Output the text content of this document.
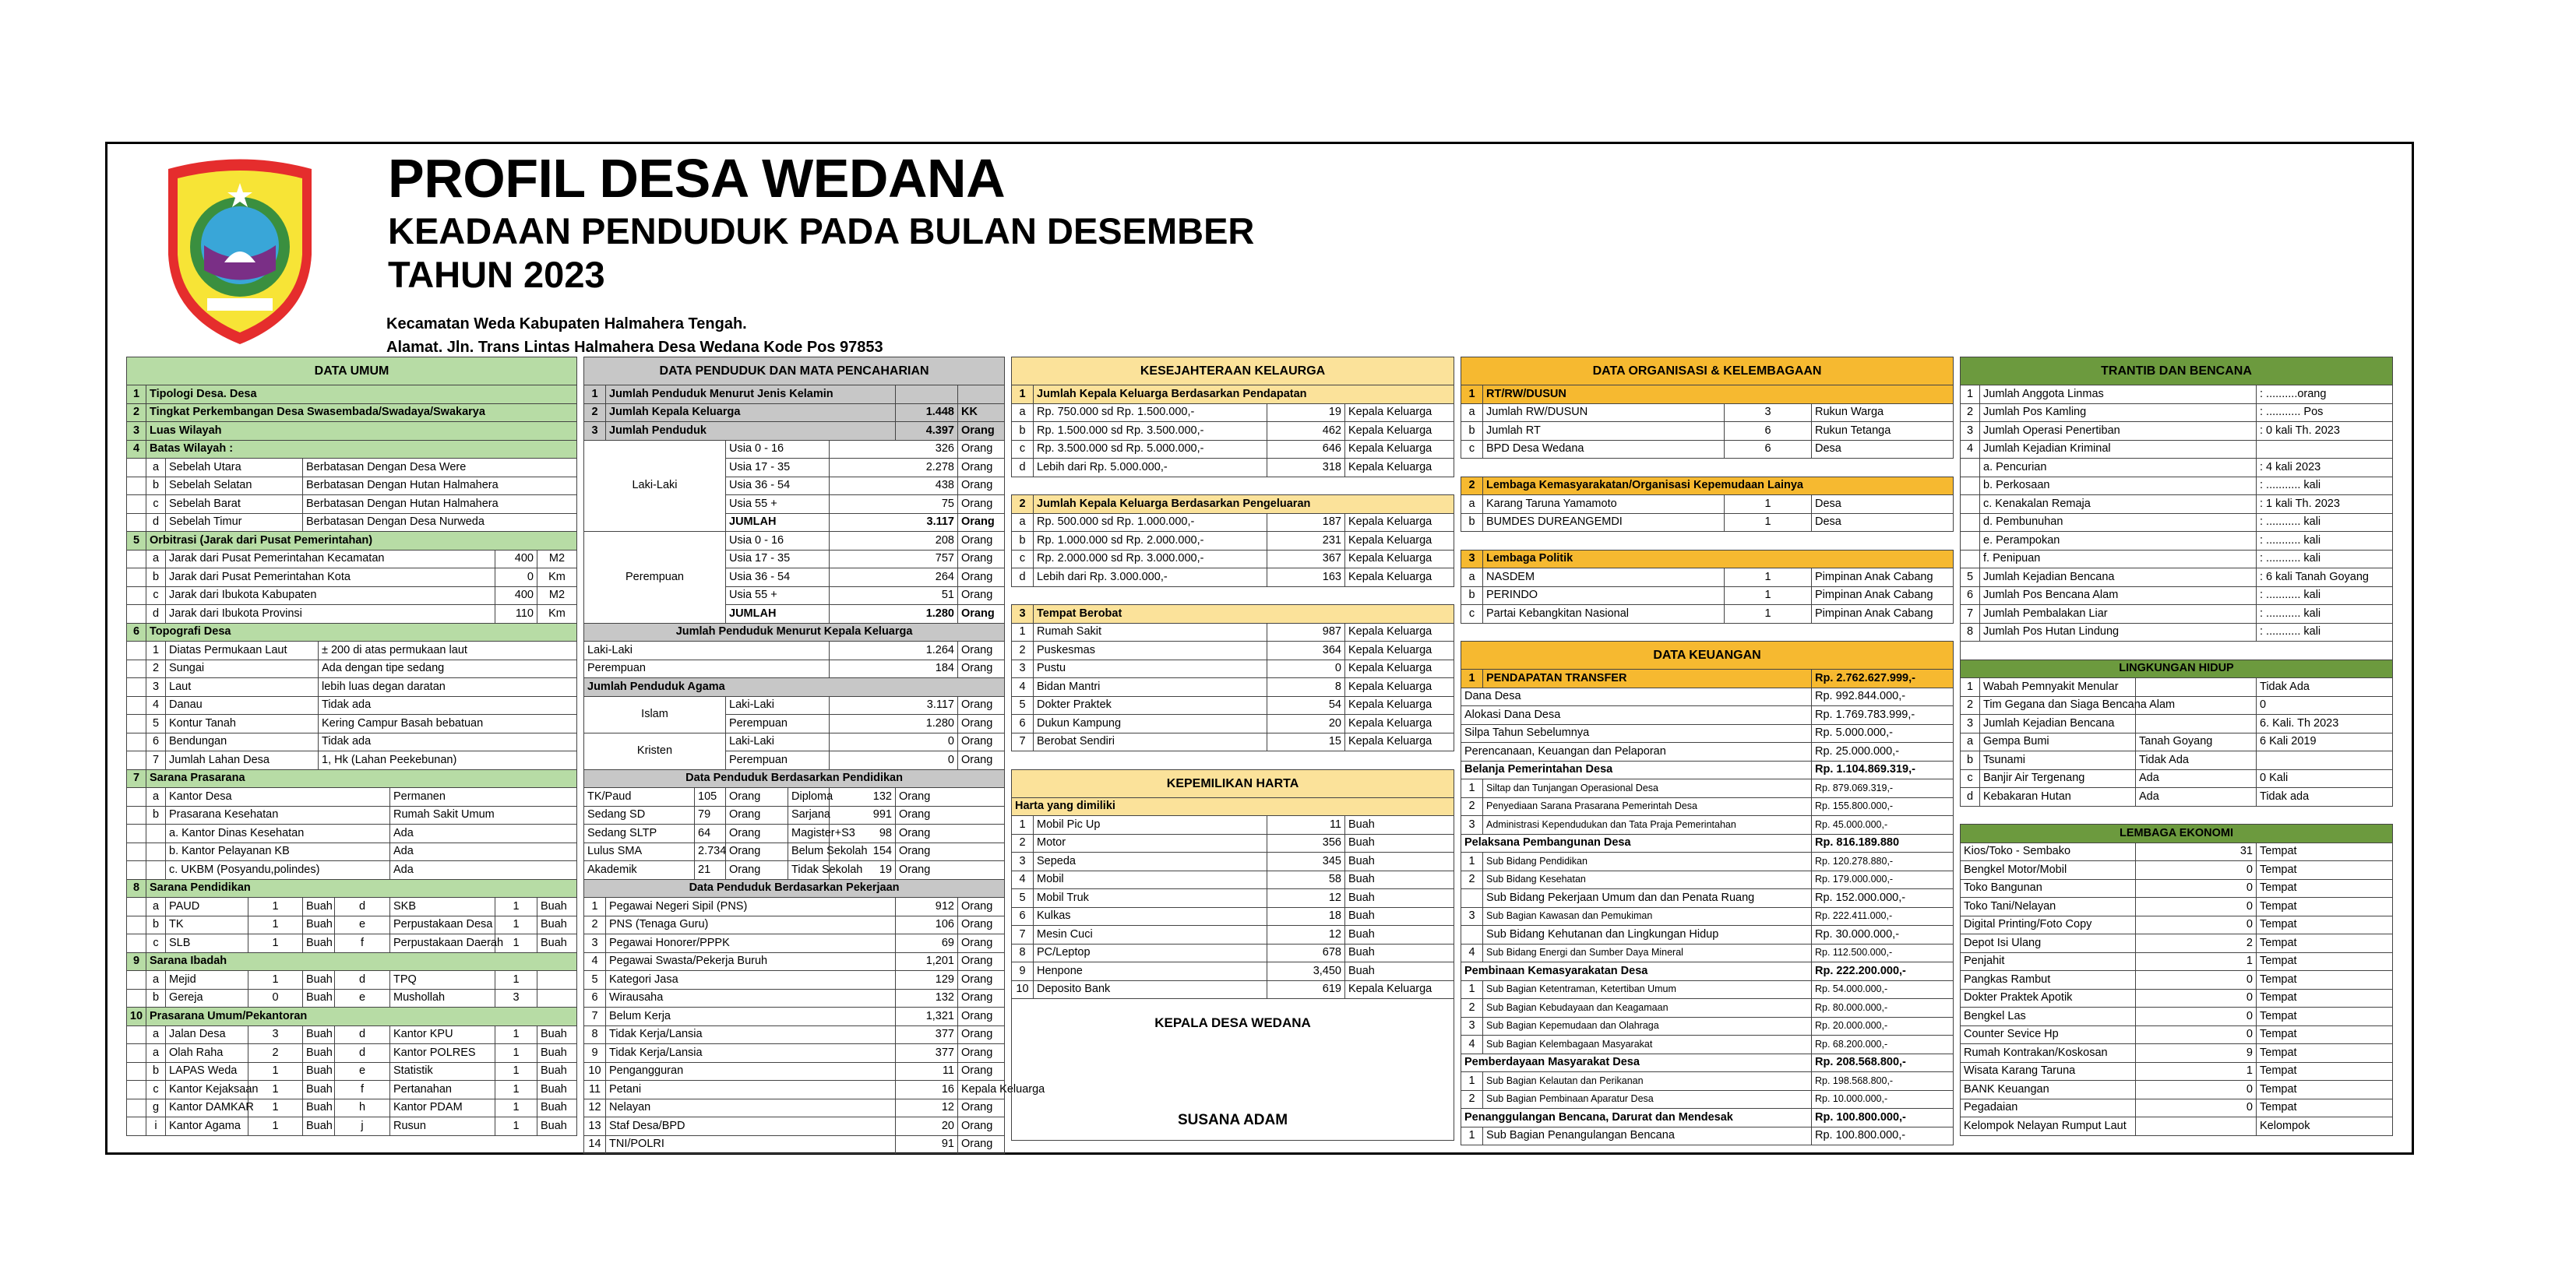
PROFIL DESA WEDANA
KEADAAN PENDUDUK PADA BULAN DESEMBER
TAHUN 2023
Kecamatan Weda Kabupaten Halmahera Tengah.
Alamat. Jln. Trans Lintas Halmahera Desa Wedana Kode Pos 97853
DATA UMUM									
1	Tipologi Desa. Desa								
2	Tingkat Perkembangan Desa Swasembada/Swadaya/Swakarya								
3	Luas Wilayah								
4	Batas Wilayah :								
	a	Sebelah Utara		Berbatasan Dengan Desa Were					
	b	Sebelah Selatan		Berbatasan Dengan Hutan Halmahera					
	c	Sebelah Barat		Berbatasan Dengan Hutan Halmahera					
	d	Sebelah Timur		Berbatasan Dengan Desa Nurweda					
5	Orbitrasi (Jarak dari Pusat Pemerintahan)								
	a	Jarak dari Pusat Pemerintahan Kecamatan						400	M2
	b	Jarak dari Pusat Pemerintahan Kota						0	Km
	c	Jarak dari Ibukota Kabupaten						400	M2
	d	Jarak dari Ibukota Provinsi						110	Km
6	Topografi Desa								
	1	Diatas Permukaan Laut			± 200 di atas permukaan laut				
	2	Sungai			Ada dengan tipe sedang				
	3	Laut			lebih luas degan daratan				
	4	Danau			Tidak ada				
	5	Kontur Tanah			Kering Campur Basah bebatuan				
	6	Bendungan			Tidak ada				
	7	Jumlah Lahan Desa			1, Hk (Lahan Peekebunan)				
7	Sarana Prasarana								
	a	Kantor Desa					Permanen		
	b	Prasarana Kesehatan					Rumah Sakit Umum		
		a. Kantor Dinas Kesehatan					Ada		
		b. Kantor Pelayanan KB					Ada		
		c. UKBM (Posyandu,polindes)					Ada		
8	Sarana Pendidikan								
	a	PAUD	1	Buah		d	SKB	1	Buah
	b	TK	1	Buah		e	Perpustakaan Desa	1	Buah
	c	SLB	1	Buah		f	Perpustakaan Daerah	1	Buah
9	Sarana Ibadah								
	a	Mejid	1	Buah		d	TPQ	1	
	b	Gereja	0	Buah		e	Mushollah	3	
10	Prasarana Umum/Pekantoran								
	a	Jalan Desa	3	Buah		d	Kantor KPU	1	Buah
	a	Olah Raha	2	Buah		d	Kantor POLRES	1	Buah
	b	LAPAS Weda	1	Buah		e	Statistik	1	Buah
	c	Kantor Kejaksaan	1	Buah		f	Pertanahan	1	Buah
	g	Kantor DAMKAR	1	Buah		h	Kantor PDAM	1	Buah
	i	Kantor Agama	1	Buah		j	Rusun	1	Buah
DATA PENDUDUK DAN MATA PENCAHARIAN							
1	Jumlah Penduduk Menurut Jenis Kelamin						
2	Jumlah Kepala Keluarga					1.448	KK
3	Jumlah Penduduk					4.397	Orang
Laki-Laki			Usia 0 - 16		326		Orang
			Usia 17 - 35		2.278		Orang
			Usia 36 - 54		438		Orang
			Usia 55 +		75		Orang
			JUMLAH		3.117		Orang
Perempuan			Usia 0 - 16		208		Orang
			Usia 17 - 35		757		Orang
			Usia 36 - 54		264		Orang
			Usia 55 +		51		Orang
			JUMLAH		1.280		Orang
Jumlah Penduduk Menurut Kepala Keluarga							
Laki-Laki					1.264		Orang
Perempuan					184		Orang
Jumlah Penduduk Agama							
Islam			Laki-Laki		3.117		Orang
			Perempuan		1.280		Orang
Kristen			Laki-Laki		0		Orang
			Perempuan		0		Orang
Data Penduduk Berdasarkan Pendidikan							
TK/Paud		105	Orang	Diploma	132	Orang	
Sedang SD		79	Orang	Sarjana	991	Orang	
Sedang SLTP		64	Orang	Magister+S3	98	Orang	
Lulus SMA		2.734	Orang	Belum Sekolah	154	Orang	
Akademik		21	Orang	Tidak Sekolah	19	Orang	
Data Penduduk Berdasarkan Pekerjaan							
1	Pegawai Negeri Sipil (PNS)					912	Orang
2	PNS (Tenaga Guru)					106	Orang
3	Pegawai Honorer/PPPK					69	Orang
4	Pegawai Swasta/Pekerja Buruh					1,201	Orang
5	Kategori Jasa					129	Orang
6	Wirausaha					132	Orang
7	Belum Kerja					1,321	Orang
8	Tidak Kerja/Lansia					377	Orang
9	Tidak Kerja/Lansia					377	Orang
10	Pengangguran					11	Orang
11	Petani					16	Kepala Keluarga
12	Nelayan					12	Orang
13	Staf Desa/BPD					20	Orang
14	TNI/POLRI					91	Orang
KESEJAHTERAAN KELAURGA			
1	Jumlah Kepala Keluarga Berdasarkan Pendapatan		
a	Rp. 750.000 sd Rp. 1.500.000,-	19	Kepala Keluarga
b	Rp. 1.500.000 sd Rp. 3.500.000,-	462	Kepala Keluarga
c	Rp. 3.500.000 sd Rp. 5.000.000,-	646	Kepala Keluarga
d	Lebih dari Rp. 5.000.000,-	318	Kepala Keluarga

2	Jumlah Kepala Keluarga Berdasarkan Pengeluaran		
a	Rp. 500.000 sd Rp. 1.000.000,-	187	Kepala Keluarga
b	Rp. 1.000.000 sd Rp. 2.000.000,-	231	Kepala Keluarga
c	Rp. 2.000.000 sd Rp. 3.000.000,-	367	Kepala Keluarga
d	Lebih dari Rp. 3.000.000,-	163	Kepala Keluarga

3	Tempat Berobat		
1	Rumah Sakit	987	Kepala Keluarga
2	Puskesmas	364	Kepala Keluarga
3	Pustu	0	Kepala Keluarga
4	Bidan Mantri	8	Kepala Keluarga
5	Dokter Praktek	54	Kepala Keluarga
6	Dukun Kampung	20	Kepala Keluarga
7	Berobat Sendiri	15	Kepala Keluarga

KEPEMILIKAN HARTA			
Harta yang dimiliki			
1	Mobil Pic Up	11	Buah
2	Motor	356	Buah
3	Sepeda	345	Buah
4	Mobil	58	Buah
5	Mobil Truk	12	Buah
6	Kulkas	18	Buah
7	Mesin Cuci	12	Buah
8	PC/Leptop	678	Buah
9	Henpone	3,450	Buah
10	Deposito Bank	619	Kepala Keluarga

KEPALA DESA WEDANA
SUSANA ADAM			
DATA ORGANISASI & KELEMBAGAAN			
1	RT/RW/DUSUN		
a	Jumlah RW/DUSUN	3	Rukun Warga
b	Jumlah RT	6	Rukun Tetanga
c	BPD Desa Wedana	6	Desa

2	Lembaga Kemasyarakatan/Organisasi Kepemudaan Lainya		
a	Karang Taruna Yamamoto	1	Desa
b	BUMDES DUREANGEMDI	1	Desa

3	Lembaga Politik		
a	NASDEM	1	Pimpinan Anak Cabang
b	PERINDO	1	Pimpinan Anak Cabang
c	Partai Kebangkitan Nasional	1	Pimpinan Anak Cabang

DATA KEUANGAN			
1	PENDAPATAN TRANSFER		Rp. 2.762.627.999,-
Dana Desa			Rp. 992.844.000,-
Alokasi Dana Desa			Rp. 1.769.783.999,-
Silpa Tahun Sebelumnya			Rp. 5.000.000,-
Perencanaan, Keuangan dan Pelaporan			Rp. 25.000.000,-
Belanja Pemerintahan Desa			Rp. 1.104.869.319,-
1	Siltap dan Tunjangan Operasional Desa		Rp. 879.069.319,-
2	Penyediaan Sarana Prasarana Pemerintah Desa		Rp. 155.800.000,-
3	Administrasi Kependudukan dan Tata Praja Pemerintahan		Rp. 45.000.000,-
Pelaksana Pembangunan Desa			Rp. 816.189.880
1	Sub Bidang Pendidikan		Rp. 120.278.880,-
2	Sub Bidang Kesehatan		Rp. 179.000.000,-
	Sub Bidang Pekerjaan Umum dan dan Penata Ruang		Rp. 152.000.000,-
3	Sub Bagian Kawasan dan Pemukiman		Rp. 222.411.000,-
	Sub Bidang Kehutanan dan Lingkungan Hidup		Rp. 30.000.000,-
4	Sub Bidang Energi dan Sumber Daya Mineral		Rp. 112.500.000,-
Pembinaan Kemasyarakatan Desa			Rp. 222.200.000,-
1	Sub Bagian Ketentraman, Ketertiban Umum		Rp. 54.000.000,-
2	Sub Bagian Kebudayaan dan Keagamaan		Rp. 80.000.000,-
3	Sub Bagian Kepemudaan dan Olahraga		Rp. 20.000.000,-
4	Sub Bagian Kelembagaan Masyarakat		Rp. 68.200.000,-
Pemberdayaan Masyarakat Desa			Rp. 208.568.800,-
1	Sub Bagian Kelautan dan Perikanan		Rp. 198.568.800,-
2	Sub Bagian Pembinaan Aparatur Desa		Rp. 10.000.000,-
Penanggulangan Bencana, Darurat dan Mendesak			Rp. 100.800.000,-
1	Sub Bagian Penangulangan Bencana		Rp. 100.800.000,-
TRANTIB DAN BENCANA			
1	Jumlah Anggota Linmas		: ..........orang
2	Jumlah Pos Kamling		: ........... Pos
3	Jumlah Operasi Penertiban		: 0 kali Th. 2023
4	Jumlah Kejadian Kriminal		
	a. Pencurian		: 4 kali 2023
	b. Perkosaan		: ........... kali
	c. Kenakalan Remaja		: 1 kali Th. 2023
	d. Pembunuhan		: ........... kali
	e. Perampokan		: ........... kali
	f. Penipuan		: ........... kali
5	Jumlah Kejadian Bencana		: 6 kali Tanah Goyang
6	Jumlah Pos Bencana Alam		: ........... kali
7	Jumlah Pembalakan Liar		: ........... kali
8	Jumlah Pos Hutan Lindung		: ........... kali

LINGKUNGAN HIDUP			
1	Wabah Pemnyakit Menular		Tidak Ada
2	Tim Gegana dan Siaga Bencana Alam		0
3	Jumlah Kejadian Bencana		6. Kali. Th 2023
a	Gempa Bumi	Tanah Goyang	6 Kali 2019
b	Tsunami	Tidak Ada	
c	Banjir Air Tergenang	Ada	0 Kali
d	Kebakaran Hutan	Ada	Tidak ada

LEMBAGA EKONOMI			
Kios/Toko - Sembako		31	Tempat
Bengkel Motor/Mobil		0	Tempat
Toko Bangunan		0	Tempat
Toko Tani/Nelayan		0	Tempat
Digital Printing/Foto Copy		0	Tempat
Depot Isi Ulang		2	Tempat
Penjahit		1	Tempat
Pangkas Rambut		0	Tempat
Dokter Praktek Apotik		0	Tempat
Bengkel Las		0	Tempat
Counter Sevice Hp		0	Tempat
Rumah Kontrakan/Koskosan		9	Tempat
Wisata Karang Taruna		1	Tempat
BANK Keuangan		0	Tempat
Pegadaian		0	Tempat
Kelompok Nelayan Rumput Laut			Kelompok
